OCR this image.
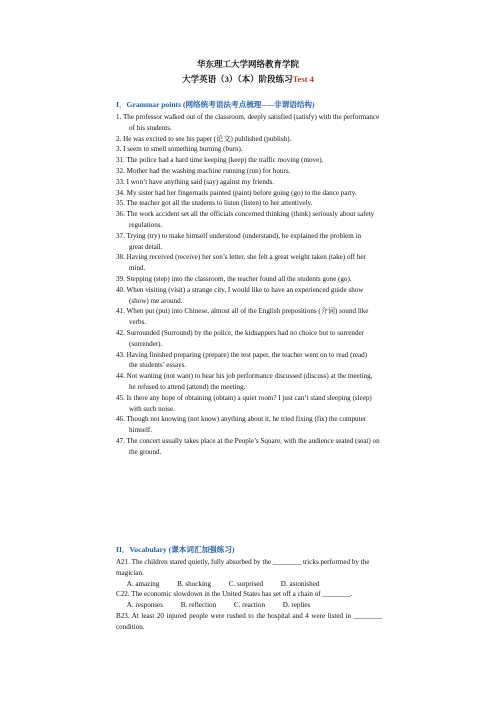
华东理工大学网络教育学院
大学英语（3）（本）阶段练习Test 4
I．Grammar points (网络统考语法考点梳理-----非谓语结构)

1. The professor walked out of the classroom, deeply satisfied (satisfy) with the performance

of his students.

2. He was excited to see his paper (论文) published (publish).

3. I seem to smell something burning (burn).

31. The police had a hard time keeping (keep) the traffic moving (move).

32. Mother had the washing machine running (run) for hours.

33. I won’t have anything said (say) against my friends.

34. My sister had her fingernails painted (paint) before going (go) to the dance party.

35. The teacher got all the students to listen (listen) to her attentively.

36. The work accident set all the officials concerned thinking (think) seriously about safety

regulations.

37. Trying (try) to make himself understood (understand), he explained the problem in

great detail.

38. Having received (receive) her son’s letter, she felt a great weight taken (take) off her

mind.

39. Stepping (step) into the classroom, the teacher found all the students gone (go).

40. When visiting (visit) a strange city, I would like to have an experienced guide show

(show) me around.

41. When put (put) into Chinese, almost all of the English prepositions (介词) sound like

verbs.

42. Surrounded (Surround) by the police, the kidnappers had no choice but to surrender

(surrender).

43. Having finished preparing (prepare) the test paper, the teacher went on to read (read)

the students’ essays.

44. Not wanting (not want) to hear his job performance discussed (discuss) at the meeting,

he refused to attend (attend) the meeting.

45. Is there any hope of obtaining (obtain) a quiet room? I just can’t stand sleeping (sleep)

with such noise.

46. Though not knowing (not know) anything about it, he tried fixing (fix) the computer

himself.

47. The concert usually takes place at the People’s Square, with the audience seated (seat) on

the ground.

II．Vocabulary (课本词汇加强练习)

A21. The children stared quietly, fully absorbed by the ________ tricks performed by the

magician.

A. amazing          B. shocking          C. surprised          D. astonished

C22. The economic slowdown in the United States has set off a chain of ________.

A. responses          B. reflection          C. reaction          D. replies

B23. At least 20 injured people were rushed to the hospital and 4 were listed in ________ condition.
